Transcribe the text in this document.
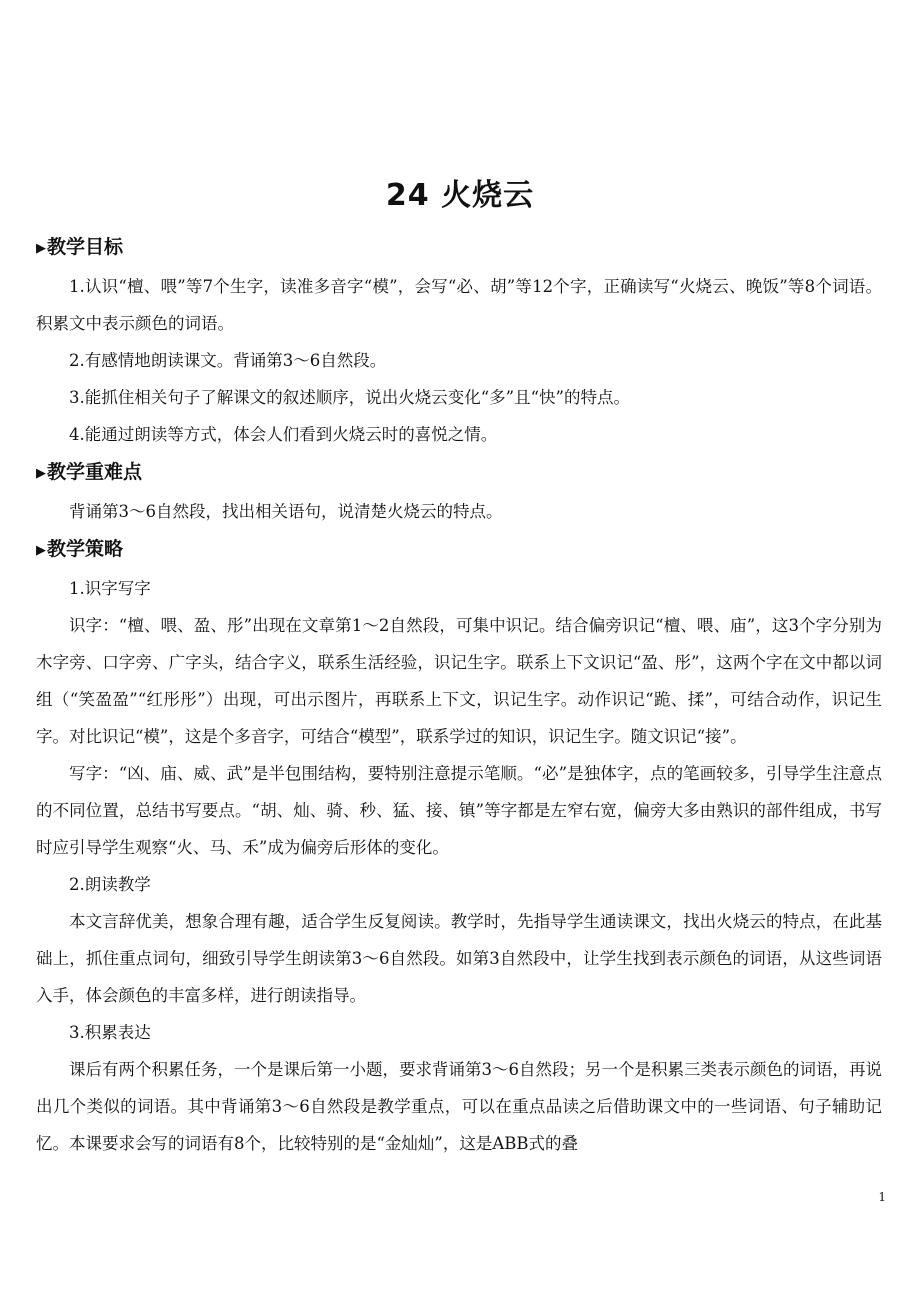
24 火烧云
▶教学目标

1.认识“檀、喂”等7个生字，读准多音字“模”，会写“必、胡”等12个字，正确读写“火烧云、晚饭”等8个词语。积累文中表示颜色的词语。

2.有感情地朗读课文。背诵第3～6自然段。

3.能抓住相关句子了解课文的叙述顺序，说出火烧云变化“多”且“快”的特点。

4.能通过朗读等方式，体会人们看到火烧云时的喜悦之情。

▶教学重难点

背诵第3～6自然段，找出相关语句，说清楚火烧云的特点。

▶教学策略

1.识字写字

识字：“檀、喂、盈、彤”出现在文章第1～2自然段，可集中识记。结合偏旁识记“檀、喂、庙”，这3个字分别为木字旁、口字旁、广字头，结合字义，联系生活经验，识记生字。联系上下文识记“盈、彤”，这两个字在文中都以词组（“笑盈盈”“红彤彤”）出现，可出示图片，再联系上下文，识记生字。动作识记“跪、揉”，可结合动作，识记生字。对比识记“模”，这是个多音字，可结合“模型”，联系学过的知识，识记生字。随文识记“接”。

写字：“凶、庙、威、武”是半包围结构，要特别注意提示笔顺。“必”是独体字，点的笔画较多，引导学生注意点的不同位置，总结书写要点。“胡、灿、骑、秒、猛、接、镇”等字都是左窄右宽，偏旁大多由熟识的部件组成，书写时应引导学生观察“火、马、禾”成为偏旁后形体的变化。

2.朗读教学

本文言辞优美，想象合理有趣，适合学生反复阅读。教学时，先指导学生通读课文，找出火烧云的特点，在此基础上，抓住重点词句，细致引导学生朗读第3～6自然段。如第3自然段中，让学生找到表示颜色的词语，从这些词语入手，体会颜色的丰富多样，进行朗读指导。

3.积累表达

课后有两个积累任务，一个是课后第一小题，要求背诵第3～6自然段；另一个是积累三类表示颜色的词语，再说出几个类似的词语。其中背诵第3～6自然段是教学重点，可以在重点品读之后借助课文中的一些词语、句子辅助记忆。本课要求会写的词语有8个，比较特别的是“金灿灿”，这是ABB式的叠

1
